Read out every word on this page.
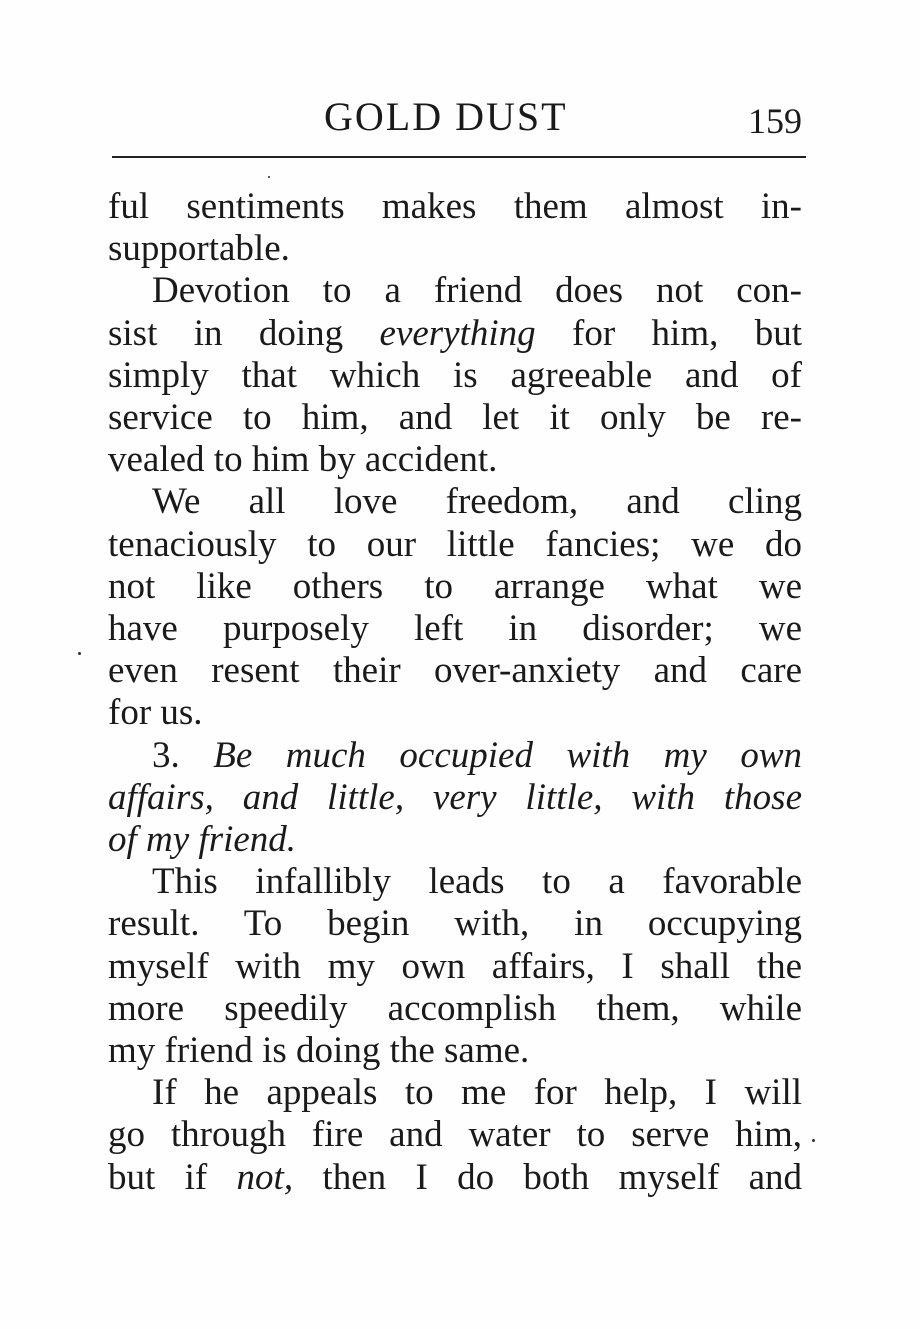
GOLD DUST	159
ful sentiments makes them almost in-
supportable.
Devotion to a friend does not con-
sist in doing everything for him, but
simply that which is agreeable and of
service to him, and let it only be re-
vealed to him by accident.
We all love freedom, and cling
tenaciously to our little fancies; we do
not like others to arrange what we
have purposely left in disorder; we
even resent their over-anxiety and care
for us.
3. Be much occupied with my own
affairs, and little, very little, with those
of my friend.
This infallibly leads to a favorable
result. To begin with, in occupying
myself with my own affairs, I shall the
more speedily accomplish them, while
my friend is doing the same.
If he appeals to me for help, I will
go through fire and water to serve him,
but if not, then I do both myself and
